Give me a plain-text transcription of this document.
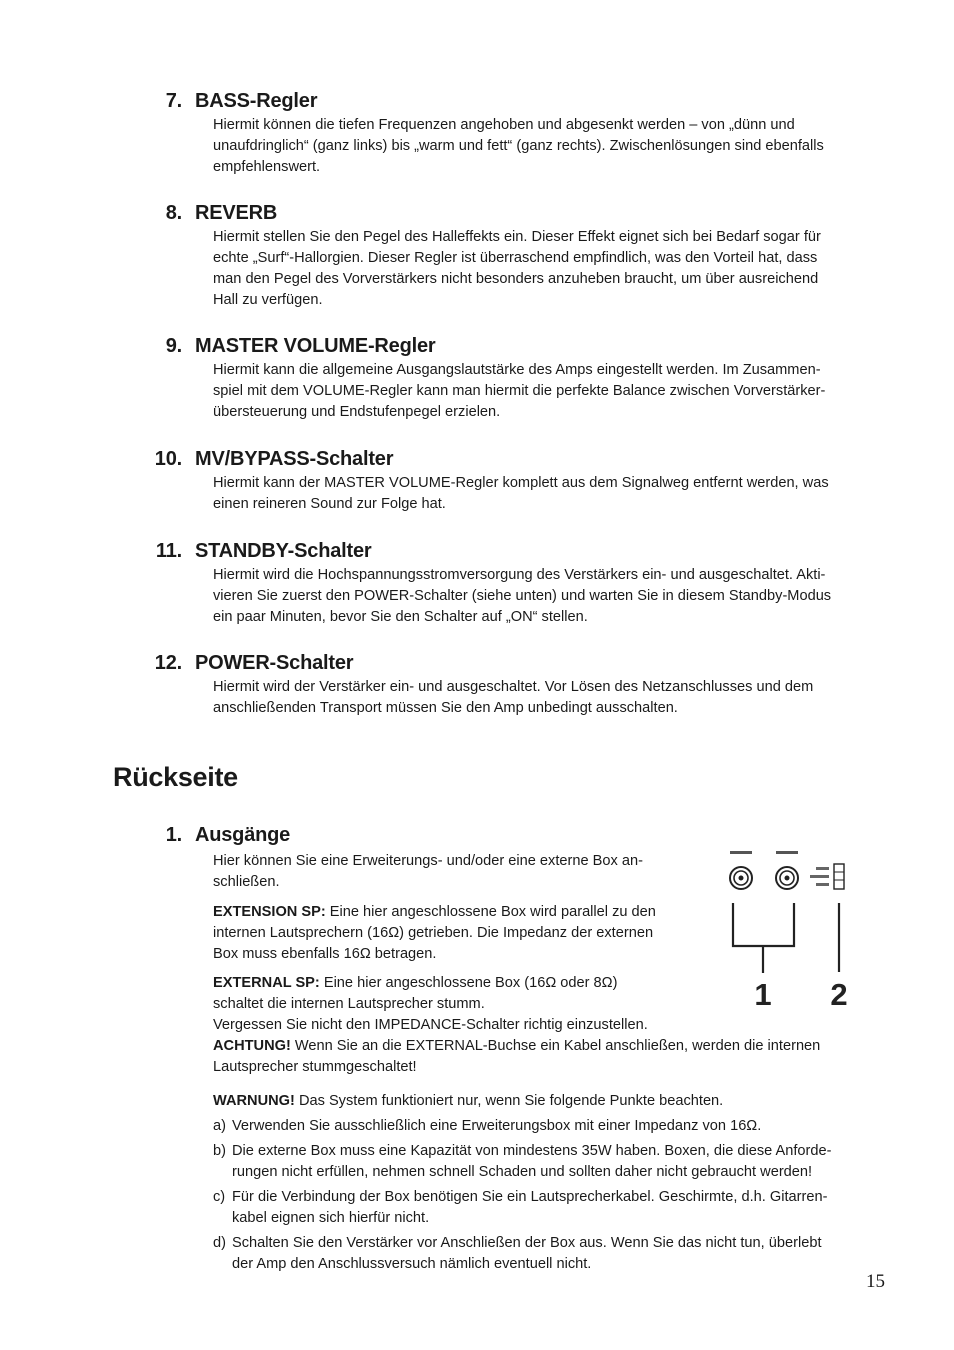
7. BASS-Regler

Hiermit können die tiefen Frequenzen angehoben und abgesenkt werden – von „dünn und

unaufdringlich“ (ganz links) bis „warm und fett“ (ganz rechts). Zwischenlösungen sind ebenfalls

empfehlenswert.

8. REVERB

Hiermit stellen Sie den Pegel des Halleffekts ein. Dieser Effekt eignet sich bei Bedarf sogar für

echte „Surf“-Hallorgien. Dieser Regler ist überraschend empfindlich, was den Vorteil hat, dass

man den Pegel des Vorverstärkers nicht besonders anzuheben braucht, um über ausreichend

Hall zu verfügen.

9. MASTER VOLUME-Regler

Hiermit kann die allgemeine Ausgangslautstärke des Amps eingestellt werden. Im Zusammen-

spiel mit dem VOLUME-Regler kann man hiermit die perfekte Balance zwischen Vorverstärker-

übersteuerung und Endstufenpegel erzielen.

10. MV/BYPASS-Schalter

Hiermit kann der MASTER VOLUME-Regler komplett aus dem Signalweg entfernt werden, was

einen reineren Sound zur Folge hat.

11. STANDBY-Schalter

Hiermit wird die Hochspannungsstromversorgung des Verstärkers ein- und ausgeschaltet. Akti-

vieren Sie zuerst den POWER-Schalter (siehe unten) und warten Sie in diesem Standby-Modus

ein paar Minuten, bevor Sie den Schalter auf „ON“ stellen.

12. POWER-Schalter

Hiermit wird der Verstärker ein- und ausgeschaltet. Vor Lösen des Netzanschlusses und dem

anschließenden Transport müssen Sie den Amp unbedingt ausschalten.

Rückseite
1. Ausgänge

Hier können Sie eine Erweiterungs- und/oder eine externe Box an-

schließen.

EXTENSION SP: Eine hier angeschlossene Box wird parallel zu den

internen Lautsprechern (16Ω) getrieben. Die Impedanz der externen

Box muss ebenfalls 16Ω betragen.

EXTERNAL SP: Eine hier angeschlossene Box (16Ω oder 8Ω)

schaltet die internen Lautsprecher stumm.

Vergessen Sie nicht den IMPEDANCE-Schalter richtig einzustellen.

ACHTUNG! Wenn Sie an die EXTERNAL-Buchse ein Kabel anschließen, werden die internen

Lautsprecher stummgeschaltet!

WARNUNG! Das System funktioniert nur, wenn Sie folgende Punkte beachten.

a) Verwenden Sie ausschließlich eine Erweiterungsbox mit einer Impedanz von 16Ω.

b) Die externe Box muss eine Kapazität von mindestens 35W haben. Boxen, die diese Anforde-

rungen nicht erfüllen, nehmen schnell Schaden und sollten daher nicht gebraucht werden!

c) Für die Verbindung der Box benötigen Sie ein Lautsprecherkabel. Geschirmte, d.h. Gitarren-

kabel eignen sich hierfür nicht.

d) Schalten Sie den Verstärker vor Anschließen der Box aus. Wenn Sie das nicht tun, überlebt

der Amp den Anschlussversuch nämlich eventuell nicht.

1 2
15
